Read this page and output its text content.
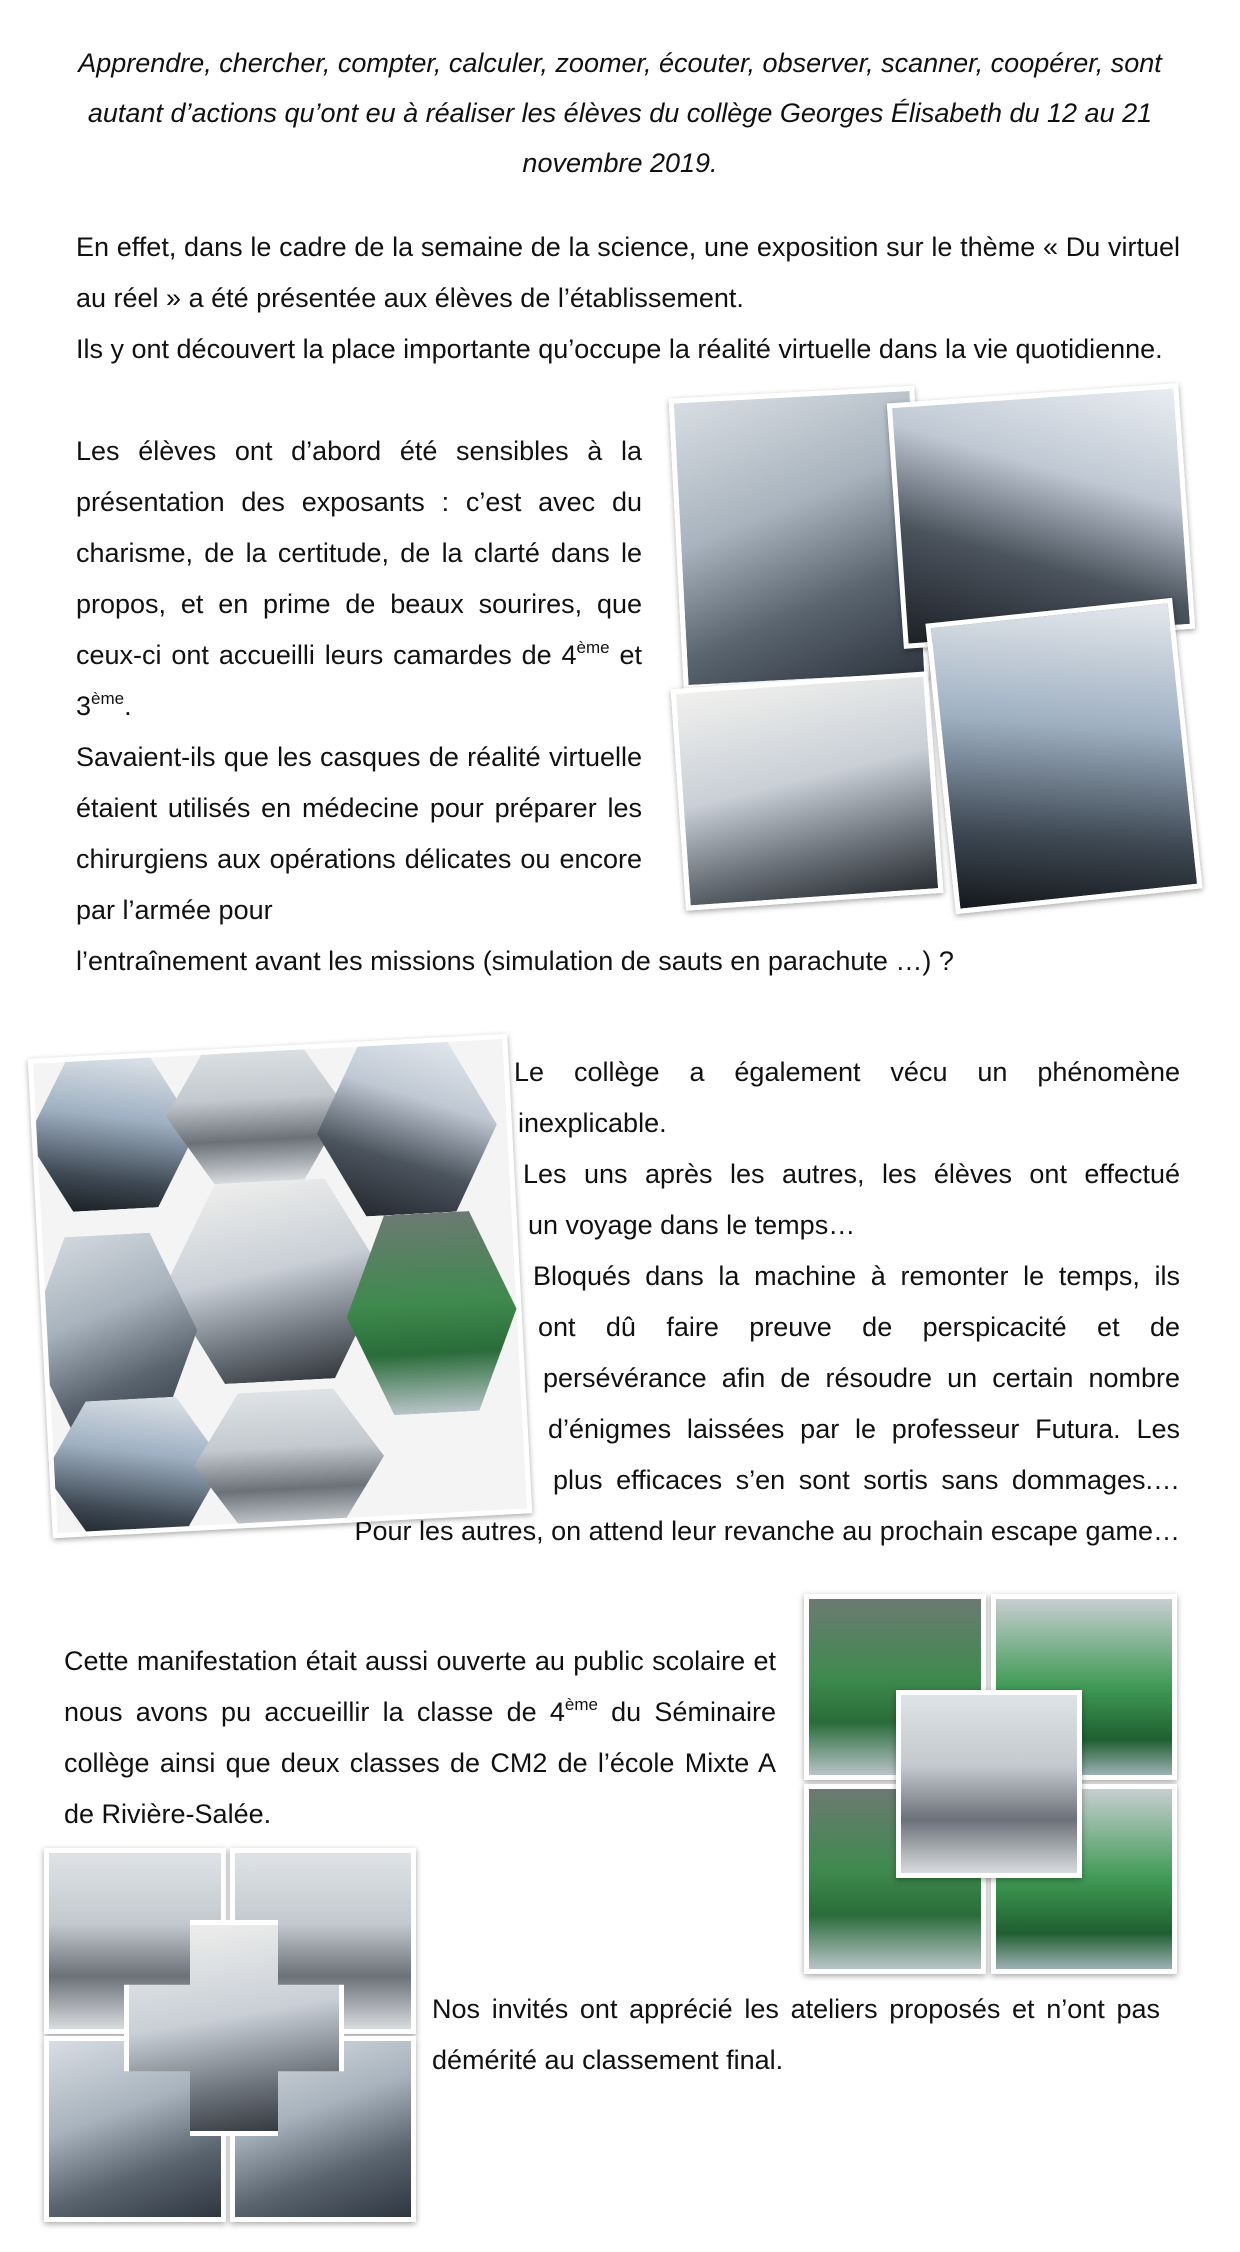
Apprendre, chercher, compter, calculer, zoomer, écouter, observer, scanner, coopérer, sont autant d’actions qu’ont eu à réaliser les élèves du collège Georges Élisabeth du 12 au 21 novembre 2019.

En effet, dans le cadre de la semaine de la science, une exposition sur le thème « Du virtuel au réel » a été présentée aux élèves de l’établissement.

Ils y ont découvert la place importante qu’occupe la réalité virtuelle dans la vie quotidienne.

Les élèves ont d’abord été sensibles à la présentation des exposants : c’est avec du charisme, de la certitude, de la clarté dans le propos, et en prime de beaux sourires, que ceux-ci ont accueilli leurs camardes de 4ème et 3ème.

Savaient-ils que les casques de réalité virtuelle étaient utilisés en médecine pour préparer les chirurgiens aux opérations délicates ou encore par l’armée pour

l’entraînement avant les missions (simulation de sauts en parachute …) ?

Le collège a également vécu un phénomène
inexplicable.
Les uns après les autres, les élèves ont effectué
un voyage dans le temps…
Bloqués dans la machine à remonter le temps, ils
ont dû faire preuve de perspicacité et de
persévérance afin de résoudre un certain nombre
d’énigmes laissées par le professeur Futura. Les
plus efficaces s’en sont sortis sans dommages.…
Pour les autres, on attend leur revanche au prochain escape game…

Cette manifestation était aussi ouverte au public scolaire et nous avons pu accueillir la classe de 4ème du Séminaire collège ainsi que deux classes de CM2 de l’école Mixte A de Rivière-Salée.

Nos invités ont apprécié les ateliers proposés et n’ont pas démérité au classement final.
